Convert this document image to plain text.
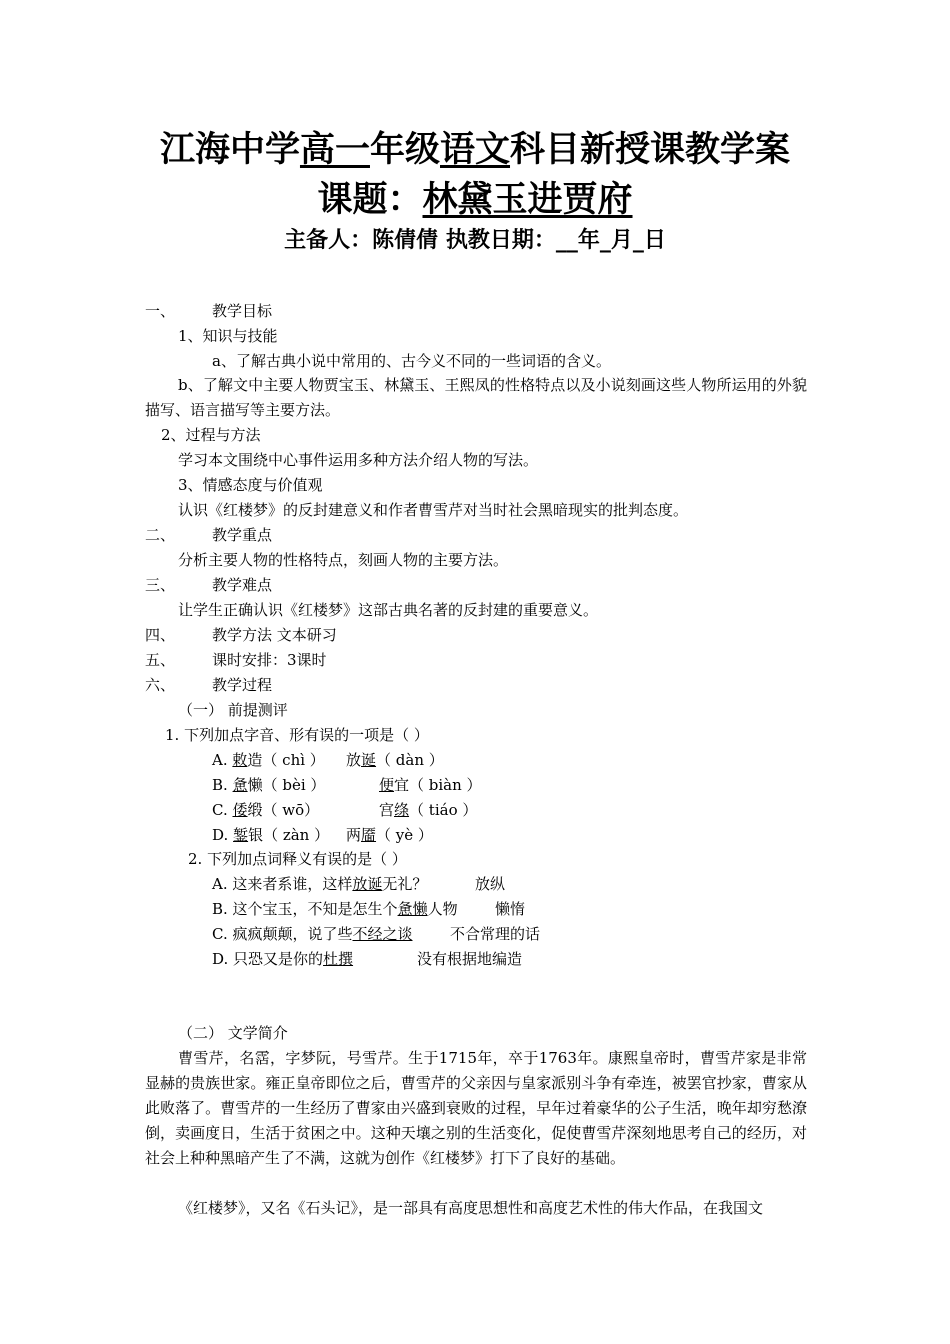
江海中学高一年级语文科目新授课教学案
课题：林黛玉进贾府
主备人：陈倩倩 执教日期：__年_月_日
一、 教学目标
1、知识与技能
a、了解古典小说中常用的、古今义不同的一些词语的含义。
b、了解文中主要人物贾宝玉、林黛玉、王熙凤的性格特点以及小说刻画这些人物所运用的外貌描写、语言描写等主要方法。
2、过程与方法
学习本文围绕中心事件运用多种方法介绍人物的写法。
3、情感态度与价值观
认识《红楼梦》的反封建意义和作者曹雪芹对当时社会黑暗现实的批判态度。
二、 教学重点
分析主要人物的性格特点，刻画人物的主要方法。
三、 教学难点
让学生正确认识《红楼梦》这部古典名著的反封建的重要意义。
四、 教学方法 文本研习
五、 课时安排：3课时
六、 教学过程
（一） 前提测评
1. 下列加点字音、形有误的一项是（ ）
A. 敕造（ chì ） 放诞（ dàn ）
B. 惫懒（ bèi ）	便宜（ biàn ）
C. 倭缎（ wō）	宫绦（ tiáo ）
D. 錾银（ zàn ） 两靥（ yè ）
2. 下列加点词释义有误的是（ ）
A. 这来者系谁，这样放诞无礼？	放纵
B. 这个宝玉，不知是怎生个惫懒人物 懒惰
C. 疯疯颠颠，说了些不经之谈	不合常理的话
D. 只恐又是你的杜撰	没有根据地编造
（二） 文学简介
曹雪芹，名霑，字梦阮，号雪芹。生于1715年，卒于1763年。康熙皇帝时，曹雪芹家是非常显赫的贵族世家。雍正皇帝即位之后，曹雪芹的父亲因与皇家派别斗争有牵连，被罢官抄家，曹家从此败落了。曹雪芹的一生经历了曹家由兴盛到衰败的过程，早年过着豪华的公子生活，晚年却穷愁潦倒，卖画度日，生活于贫困之中。这种天壤之别的生活变化，促使曹雪芹深刻地思考自己的经历，对社会上种种黑暗产生了不满，这就为创作《红楼梦》打下了良好的基础。
《红楼梦》，又名《石头记》，是一部具有高度思想性和高度艺术性的伟大作品，在我国文
